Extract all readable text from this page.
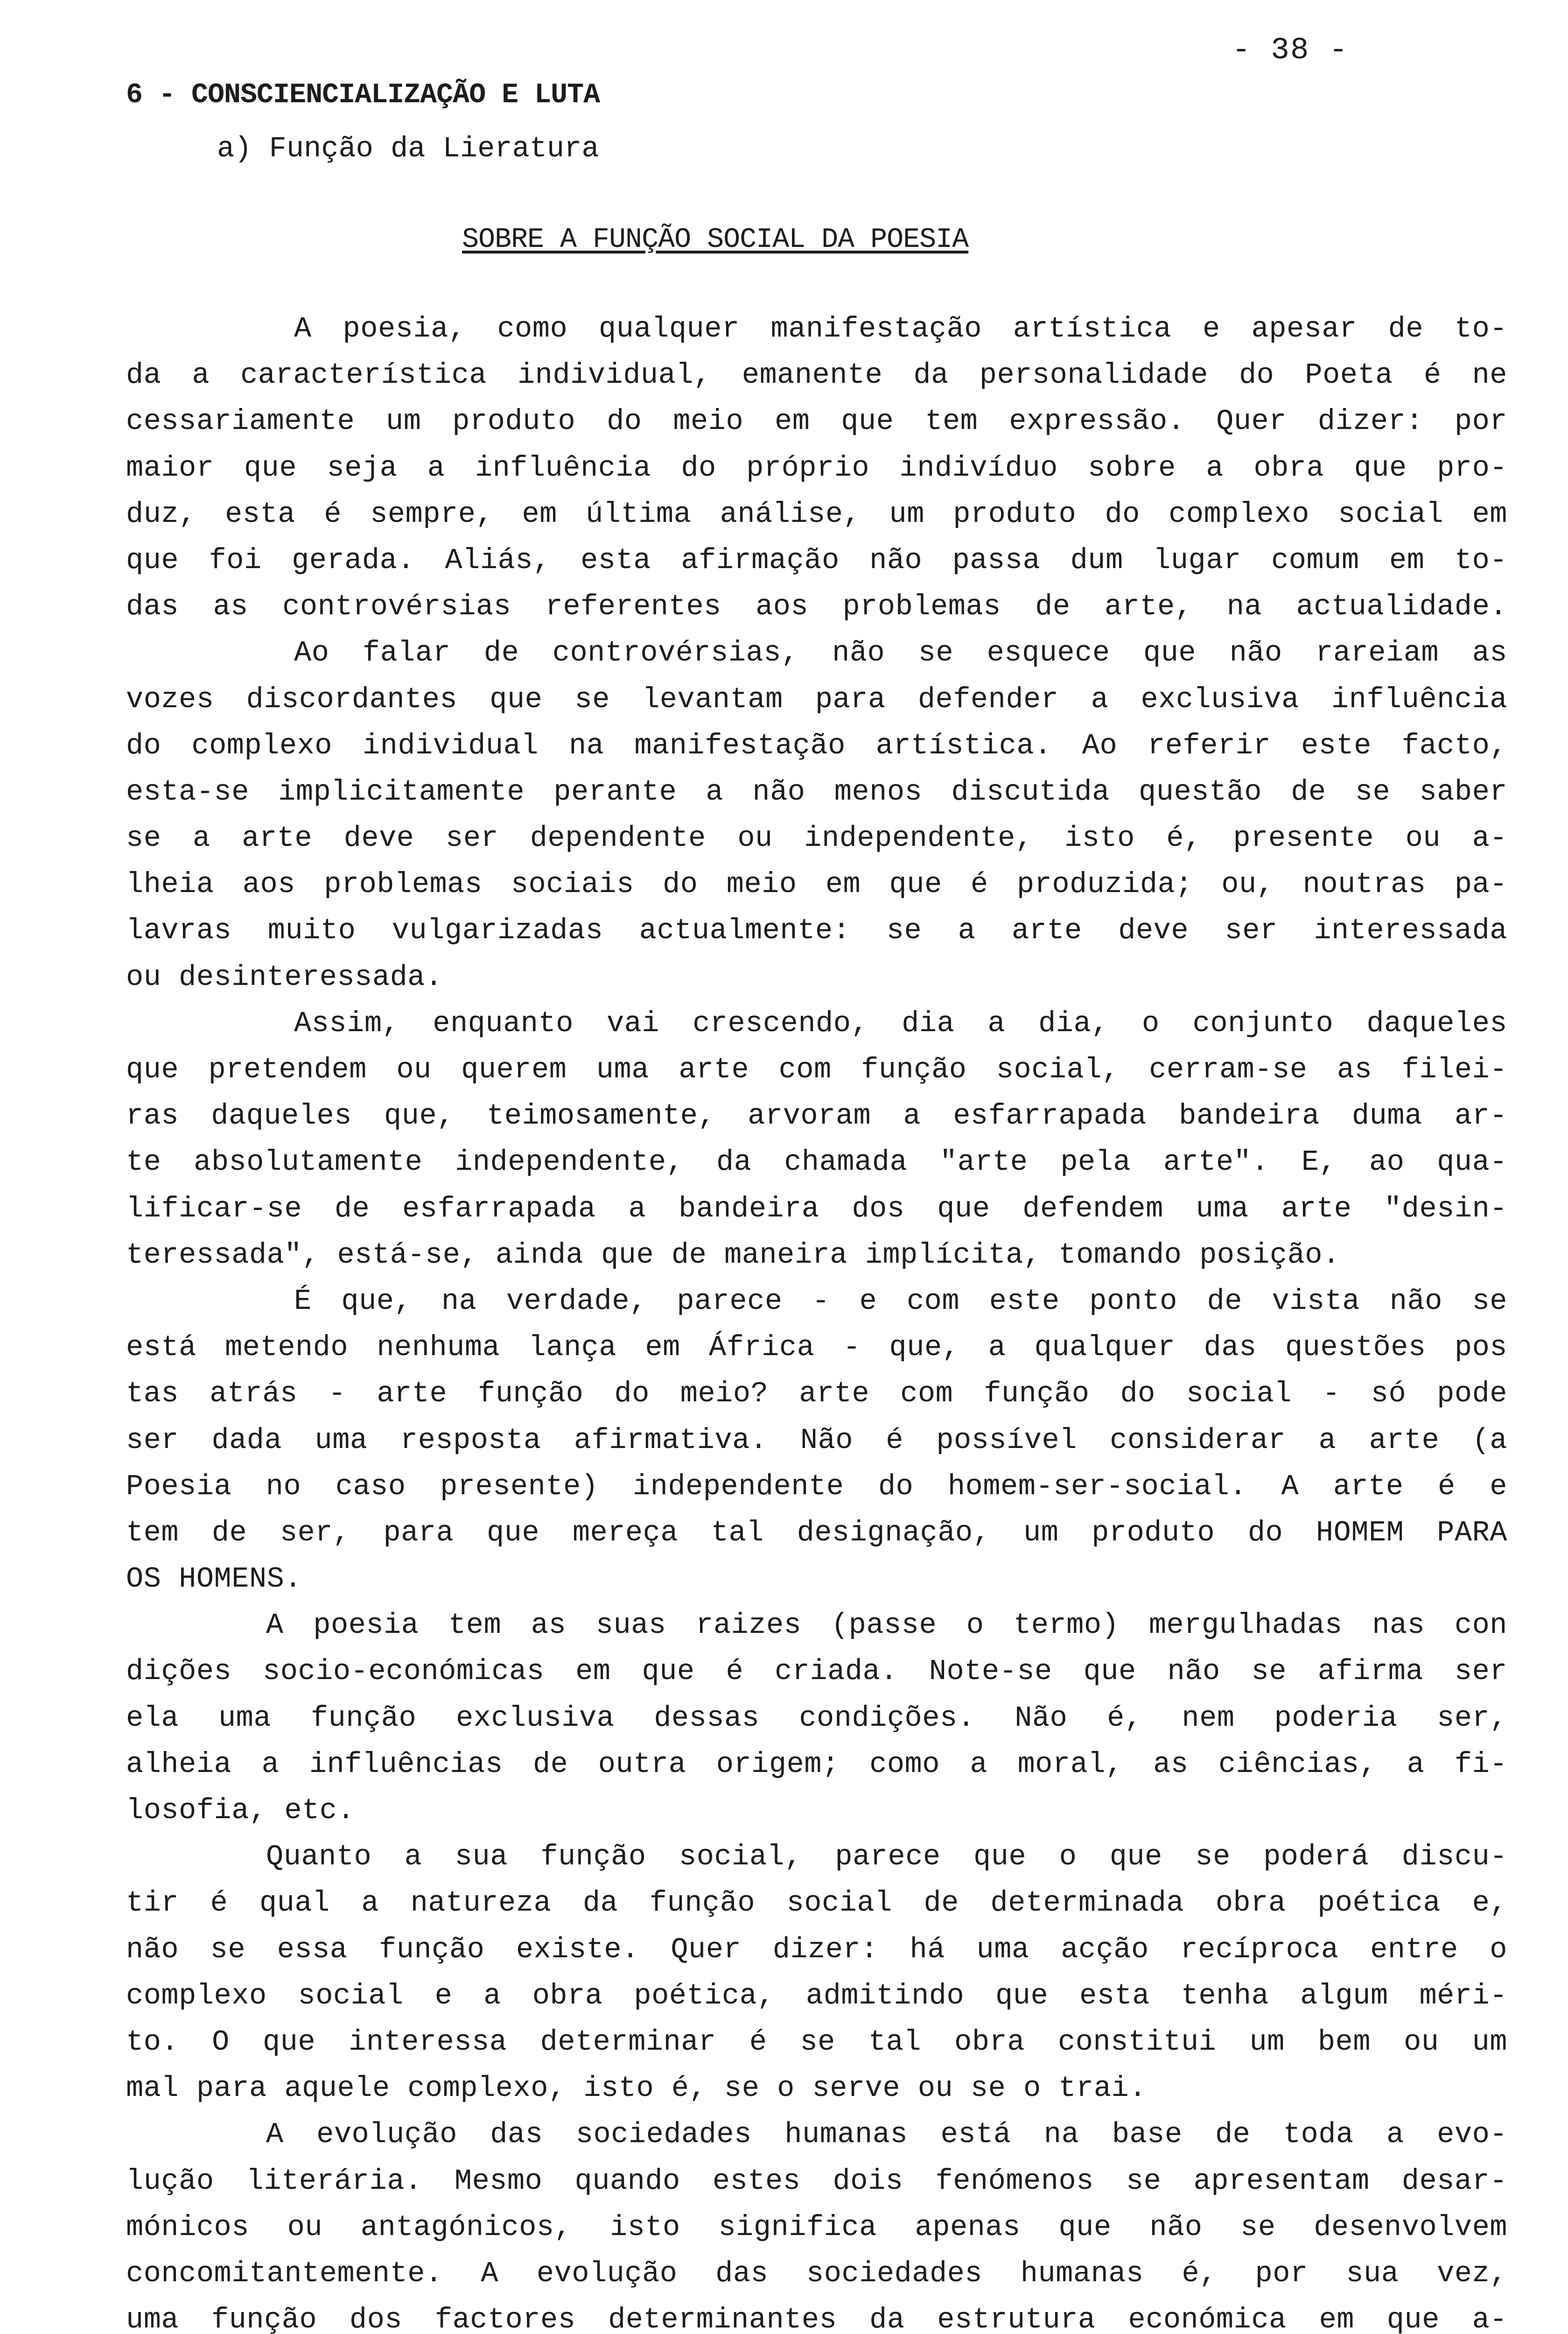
- 38 -
6 - CONSCIENCIALIZAÇÃO E LUTA
a) Função da Lieratura
SOBRE A FUNÇÃO SOCIAL DA POESIA
A poesia, como qualquer manifestação artística e apesar de to-
da a característica individual, emanente da personalidade do Poeta é ne
cessariamente um produto do meio em que tem expressão. Quer dizer: por
maior que seja a influência do próprio indivíduo sobre a obra que pro-
duz, esta é sempre, em última análise, um produto do complexo social em
que foi gerada. Aliás, esta afirmação não passa dum lugar comum em to-
das as controvérsias referentes aos problemas de arte, na actualidade.
Ao falar de controvérsias, não se esquece que não rareiam as
vozes discordantes que se levantam para defender a exclusiva influência
do complexo individual na manifestação artística. Ao referir este facto,
esta-se implicitamente perante a não menos discutida questão de se saber
se a arte deve ser dependente ou independente, isto é, presente ou a-
lheia aos problemas sociais do meio em que é produzida; ou, noutras pa-
lavras muito vulgarizadas actualmente: se a arte deve ser interessada
ou desinteressada.
Assim, enquanto vai crescendo, dia a dia, o conjunto daqueles
que pretendem ou querem uma arte com função social, cerram-se as filei-
ras daqueles que, teimosamente, arvoram a esfarrapada bandeira duma ar-
te absolutamente independente, da chamada "arte pela arte". E, ao qua-
lificar-se de esfarrapada a bandeira dos que defendem uma arte "desin-
teressada", está-se, ainda que de maneira implícita, tomando posição.
É que, na verdade, parece - e com este ponto de vista não se
está metendo nenhuma lança em África - que, a qualquer das questões pos
tas atrás - arte função do meio? arte com função do social - só pode
ser dada uma resposta afirmativa. Não é possível considerar a arte (a
Poesia no caso presente) independente do homem-ser-social. A arte é e
tem de ser, para que mereça tal designação, um produto do HOMEM PARA
OS HOMENS.
A poesia tem as suas raizes (passe o termo) mergulhadas nas con
dições socio-económicas em que é criada. Note-se que não se afirma ser
ela uma função exclusiva dessas condições. Não é, nem poderia ser,
alheia a influências de outra origem; como a moral, as ciências, a fi-
losofia, etc.
Quanto a sua função social, parece que o que se poderá discu-
tir é qual a natureza da função social de determinada obra poética e,
não se essa função existe. Quer dizer: há uma acção recíproca entre o
complexo social e a obra poética, admitindo que esta tenha algum méri-
to. O que interessa determinar é se tal obra constitui um bem ou um
mal para aquele complexo, isto é, se o serve ou se o trai.
A evolução das sociedades humanas está na base de toda a evo-
lução literária. Mesmo quando estes dois fenómenos se apresentam desar-
mónicos ou antagónicos, isto significa apenas que não se desenvolvem
concomitantemente. A evolução das sociedades humanas é, por sua vez,
uma função dos factores determinantes da estrutura económica em que a-
